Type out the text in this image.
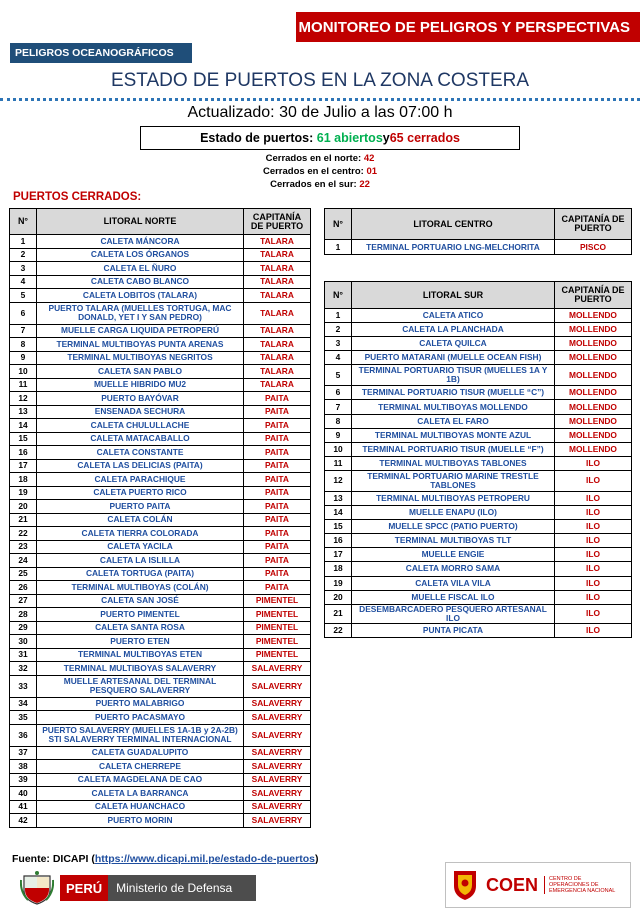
MONITOREO DE PELIGROS Y PERSPECTIVAS
PELIGROS OCEANOGRÁFICOS
ESTADO DE PUERTOS EN LA ZONA COSTERA
Actualizado: 30 de Julio a las 07:00 h
Estado de puertos:
61 abiertos y 65 cerrados
Cerrados en el norte: 42
Cerrados en el centro: 01
Cerrados en el sur: 22
PUERTOS CERRADOS:
N°	LITORAL NORTE	CAPITANÍA DE PUERTO
1	CALETA MÁNCORA	TALARA
2	CALETA LOS ÓRGANOS	TALARA
3	CALETA EL ÑURO	TALARA
4	CALETA CABO BLANCO	TALARA
5	CALETA LOBITOS (TALARA)	TALARA
6	PUERTO TALARA (MUELLES TORTUGA, MAC DONALD, YET I Y SAN PEDRO)	TALARA
7	MUELLE CARGA LIQUIDA PETROPERÚ	TALARA
8	TERMINAL MULTIBOYAS PUNTA ARENAS	TALARA
9	TERMINAL MULTIBOYAS NEGRITOS	TALARA
10	CALETA SAN PABLO	TALARA
11	MUELLE HIBRIDO MU2	TALARA
12	PUERTO BAYÓVAR	PAITA
13	ENSENADA SECHURA	PAITA
14	CALETA CHULULLACHE	PAITA
15	CALETA MATACABALLO	PAITA
16	CALETA CONSTANTE	PAITA
17	CALETA LAS DELICIAS (PAITA)	PAITA
18	CALETA PARACHIQUE	PAITA
19	CALETA PUERTO RICO	PAITA
20	PUERTO PAITA	PAITA
21	CALETA COLÁN	PAITA
22	CALETA TIERRA COLORADA	PAITA
23	CALETA YACILA	PAITA
24	CALETA LA ISLILLA	PAITA
25	CALETA TORTUGA (PAITA)	PAITA
26	TERMINAL MULTIBOYAS (COLÁN)	PAITA
27	CALETA SAN JOSÉ	PIMENTEL
28	PUERTO PIMENTEL	PIMENTEL
29	CALETA SANTA ROSA	PIMENTEL
30	PUERTO ETEN	PIMENTEL
31	TERMINAL MULTIBOYAS ETEN	PIMENTEL
32	TERMINAL MULTIBOYAS SALAVERRY	SALAVERRY
33	MUELLE ARTESANAL DEL TERMINAL PESQUERO SALAVERRY	SALAVERRY
34	PUERTO MALABRIGO	SALAVERRY
35	PUERTO PACASMAYO	SALAVERRY
36	PUERTO SALAVERRY (MUELLES 1A-1B y 2A-2B) STI SALAVERRY TERMINAL INTERNACIONAL	SALAVERRY
37	CALETA GUADALUPITO	SALAVERRY
38	CALETA CHERREPE	SALAVERRY
39	CALETA MAGDELANA DE CAO	SALAVERRY
40	CALETA LA BARRANCA	SALAVERRY
41	CALETA HUANCHACO	SALAVERRY
42	PUERTO MORIN	SALAVERRY
N°	LITORAL CENTRO	CAPITANÍA DE PUERTO
1	TERMINAL PORTUARIO LNG-MELCHORITA	PISCO
N°	LITORAL SUR	CAPITANÍA DE PUERTO
1	CALETA ATICO	MOLLENDO
2	CALETA LA PLANCHADA	MOLLENDO
3	CALETA QUILCA	MOLLENDO
4	PUERTO MATARANI (MUELLE OCEAN FISH)	MOLLENDO
5	TERMINAL PORTUARIO TISUR (MUELLES 1A Y 1B)	MOLLENDO
6	TERMINAL PORTUARIO TISUR (MUELLE “C”)	MOLLENDO
7	TERMINAL MULTIBOYAS MOLLENDO	MOLLENDO
8	CALETA EL FARO	MOLLENDO
9	TERMINAL MULTIBOYAS MONTE AZUL	MOLLENDO
10	TERMINAL PORTUARIO TISUR (MUELLE “F”)	MOLLENDO
11	TERMINAL MULTIBOYAS TABLONES	ILO
12	TERMINAL PORTUARIO MARINE TRESTLE TABLONES	ILO
13	TERMINAL MULTIBOYAS PETROPERU	ILO
14	MUELLE ENAPU (ILO)	ILO
15	MUELLE SPCC (PATIO PUERTO)	ILO
16	TERMINAL MULTIBOYAS TLT	ILO
17	MUELLE ENGIE	ILO
18	CALETA MORRO SAMA	ILO
19	CALETA VILA VILA	ILO
20	MUELLE FISCAL ILO	ILO
21	DESEMBARCADERO PESQUERO ARTESANAL ILO	ILO
22	PUNTA PICATA	ILO
Fuente: DICAPI (https://www.dicapi.mil.pe/estado-de-puertos)
PERÚ	Ministerio de Defensa	COEN	CENTRO DE OPERACIONES DE EMERGENCIA NACIONAL
